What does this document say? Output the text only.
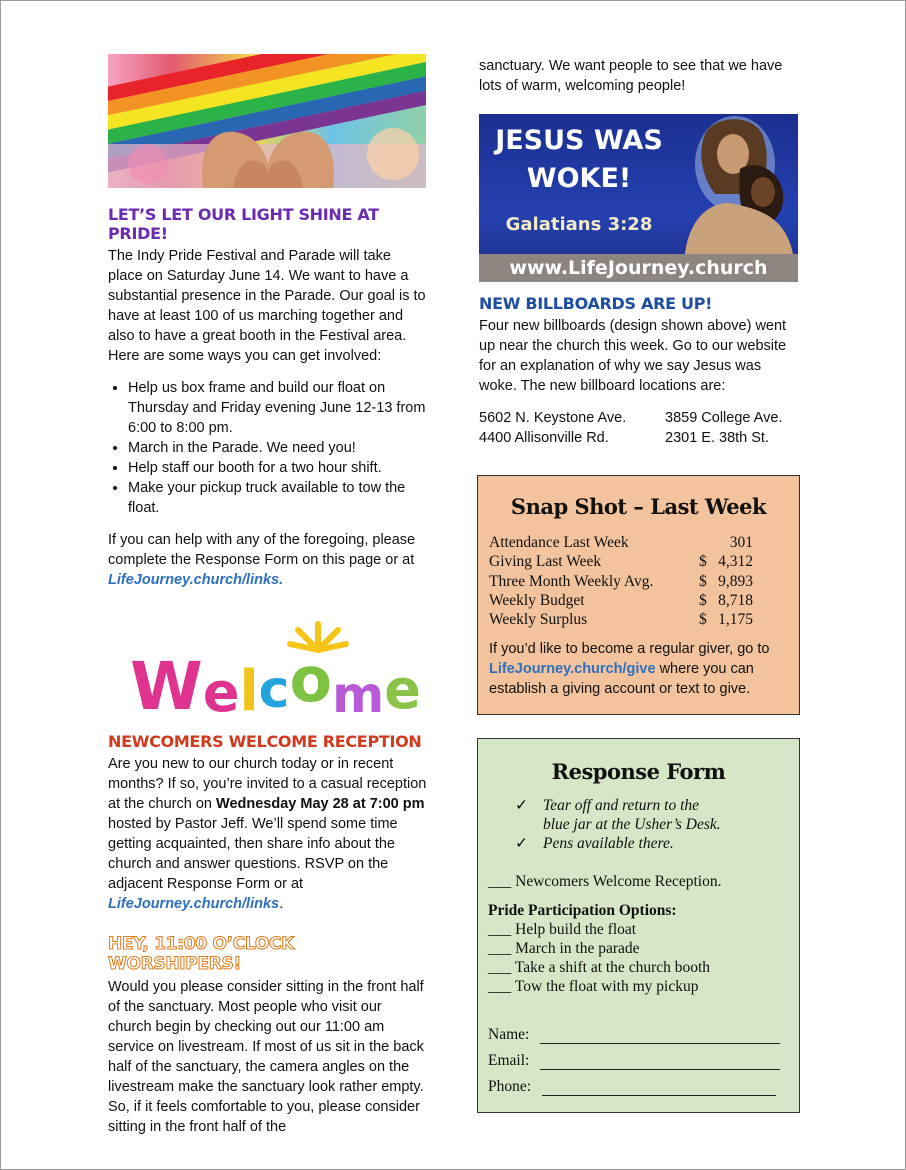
LET’S LET OUR LIGHT SHINE AT PRIDE!

The Indy Pride Festival and Parade will take place on Saturday June 14. We want to have a substantial presence in the Parade. Our goal is to have at least 100 of us marching together and also to have a great booth in the Festival area. Here are some ways you can get involved:

• Help us box frame and build our float on Thursday and Friday evening June 12-13 from 6:00 to 8:00 pm.
• March in the Parade. We need you!
• Help staff our booth for a two hour shift.
• Make your pickup truck available to tow the float.

If you can help with any of the foregoing, please complete the Response Form on this page or at LifeJourney.church/links.

W e l c o m e
NEWCOMERS WELCOME RECEPTION

Are you new to our church today or in recent months? If so, you’re invited to a casual reception at the church on Wednesday May 28 at 7:00 pm hosted by Pastor Jeff. We’ll spend some time getting acquainted, then share info about the church and answer questions. RSVP on the adjacent Response Form or at LifeJourney.church/links.

HEY, 11:00 O’CLOCK WORSHIPERS!

Would you please consider sitting in the front half of the sanctuary. Most people who visit our church begin by checking out our 11:00 am service on livestream. If most of us sit in the back half of the sanctuary, the camera angles on the livestream make the sanctuary look rather empty. So, if it feels comfortable to you, please consider sitting in the front half of the

sanctuary. We want people to see that we have lots of warm, welcoming people!

JESUS WAS
WOKE!
Galatians 3:28
www.LifeJourney.church
NEW BILLBOARDS ARE UP!

Four new billboards (design shown above) went up near the church this week. Go to our website for an explanation of why we say Jesus was woke. The new billboard locations are:

5602 N. Keystone Ave.	3859 College Ave.
4400 Allisonville Rd.	2301 E. 38th St.
Snap Shot – Last Week
Attendance Last Week	301
Giving Last Week	$ 4,312
Three Month Weekly Avg.	$ 9,893
Weekly Budget	$ 8,718
Weekly Surplus	$ 1,175

If you’d like to become a regular giver, go to LifeJourney.church/give where you can establish a giving account or text to give.

Response Form
✓ Tear off and return to the
blue jar at the Usher’s Desk.
✓ Pens available there.
___ Newcomers Welcome Reception.
Pride Participation Options:
___ Help build the float
___ March in the parade
___ Take a shift at the church booth
___ Tow the float with my pickup
Name:
Email:
Phone:
